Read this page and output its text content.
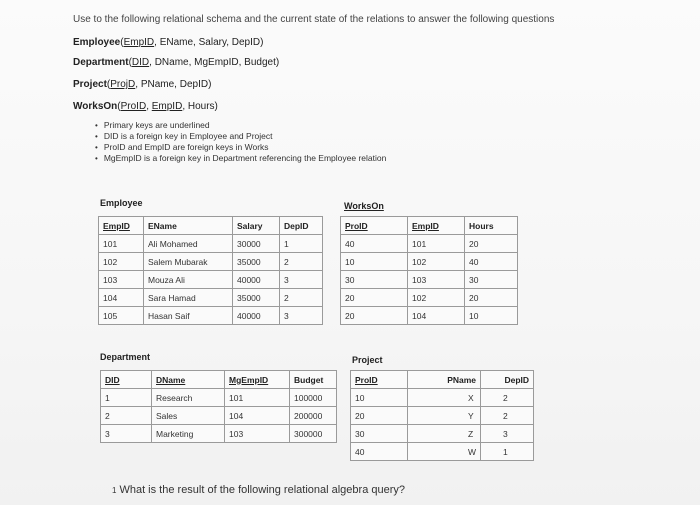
Use to the following relational schema and the current state of the relations to answer the following questions
Employee(EmpID, EName, Salary, DepID)
Department(DID, DName, MgEmpID, Budget)
Project(ProjD, PName, DepID)
WorksOn(ProID, EmpID, Hours)
• Primary keys are underlined
• DID is a foreign key in Employee and Project
• ProID and EmpID are foreign keys in Works
• MgEmpID is a foreign key in Department referencing the Employee relation
Employee
EmpID	EName	Salary	DepID
101	Ali Mohamed	30000	1
102	Salem Mubarak	35000	2
103	Mouza Ali	40000	3
104	Sara Hamad	35000	2
105	Hasan Saif	40000	3
WorksOn
ProID	EmpID	Hours
40	101	20
10	102	40
30	103	30
20	102	20
20	104	10
Department
DID	DName	MgEmpID	Budget
1	Research	101	100000
2	Sales	104	200000
3	Marketing	103	300000
Project
ProID	PName	DepID
10	X	2
20	Y	2
30	Z	3
40	W	1
1 What is the result of the following relational algebra query?
